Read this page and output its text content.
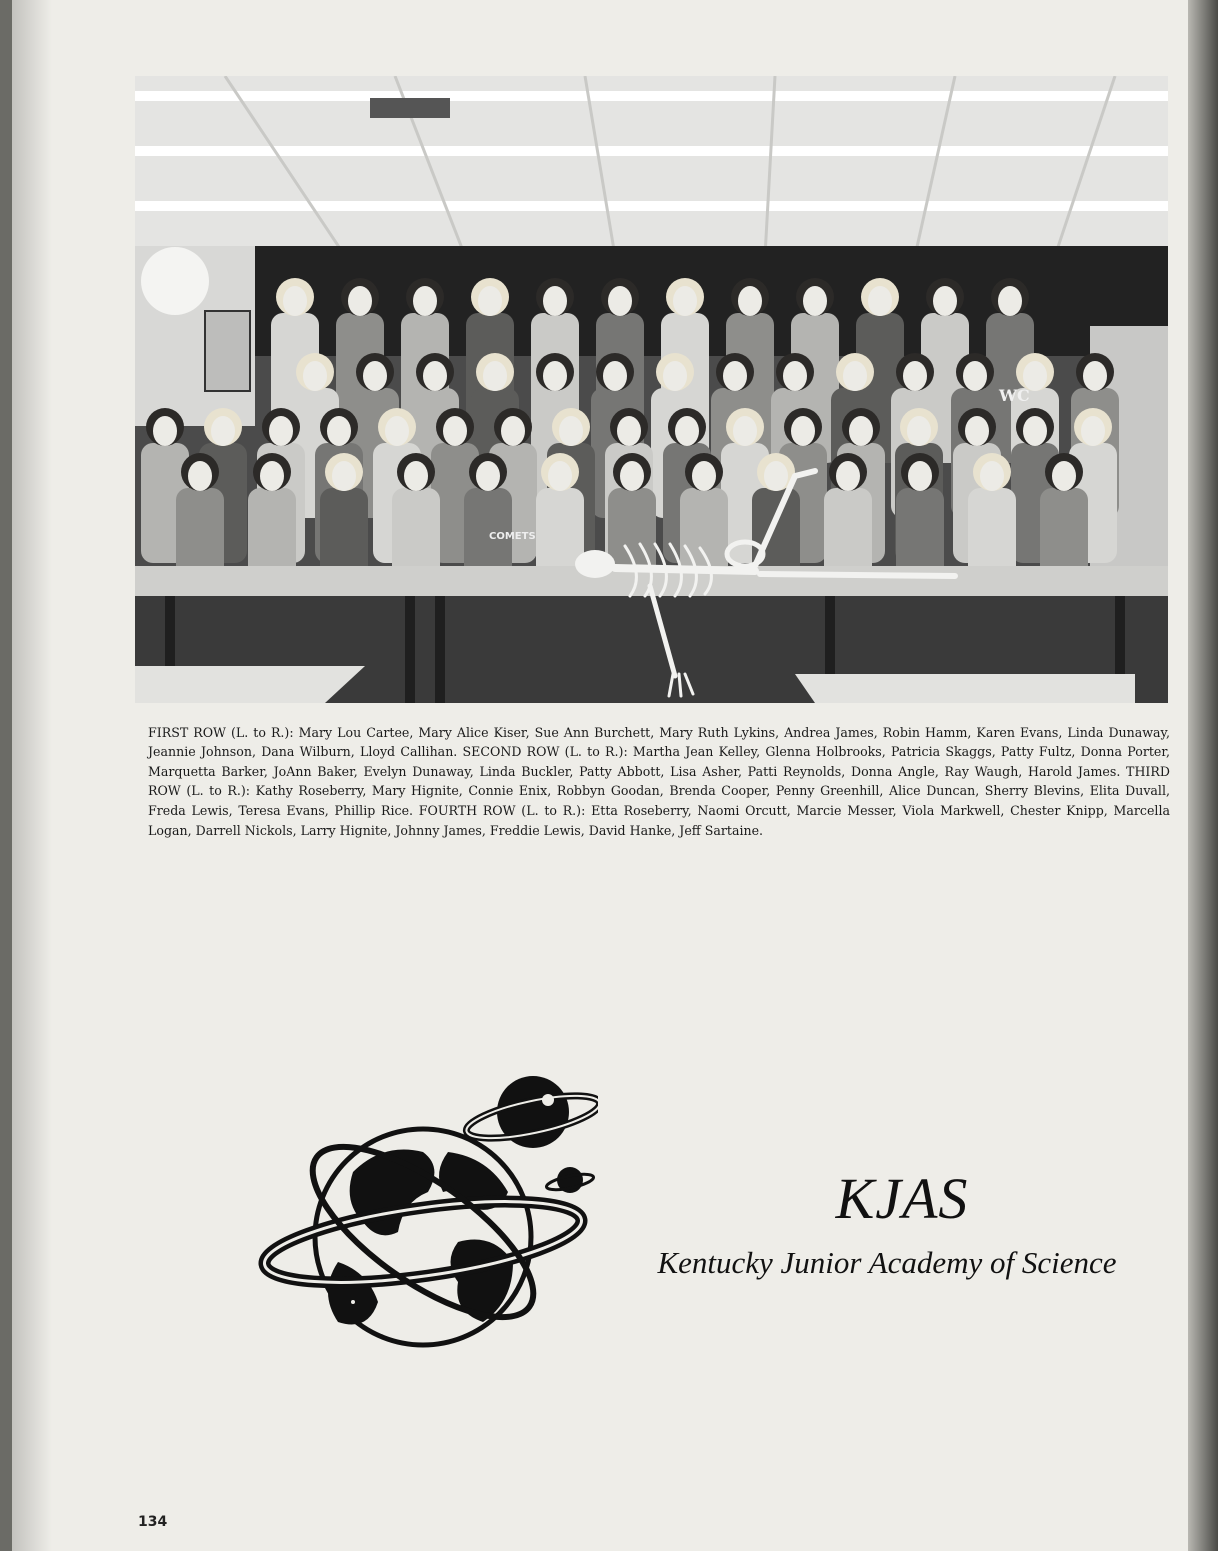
COMETS
WC

FIRST ROW (L. to R.): Mary Lou Cartee, Mary Alice Kiser, Sue Ann Burchett, Mary Ruth Lykins, Andrea James, Robin Hamm, Karen Evans, Linda Dunaway, Jeannie Johnson, Dana Wilburn, Lloyd Callihan. SECOND ROW (L. to R.): Martha Jean Kelley, Glenna Holbrooks, Patricia Skaggs, Patty Fultz, Donna Porter, Marquetta Barker, JoAnn Baker, Evelyn Dunaway, Linda Buckler, Patty Abbott, Lisa Asher, Patti Reynolds, Donna Angle, Ray Waugh, Harold James. THIRD ROW (L. to R.): Kathy Roseberry, Mary Hignite, Connie Enix, Robbyn Goodan, Brenda Cooper, Penny Greenhill, Alice Duncan, Sherry Blevins, Elita Duvall, Freda Lewis, Teresa Evans, Phillip Rice. FOURTH ROW (L. to R.): Etta Roseberry, Naomi Orcutt, Marcie Messer, Viola Markwell, Chester Knipp, Marcella Logan, Darrell Nickols, Larry Hignite, Johnny James, Freddie Lewis, David Hanke, Jeff Sartaine.

KJAS
Kentucky Junior Academy of Science
134
